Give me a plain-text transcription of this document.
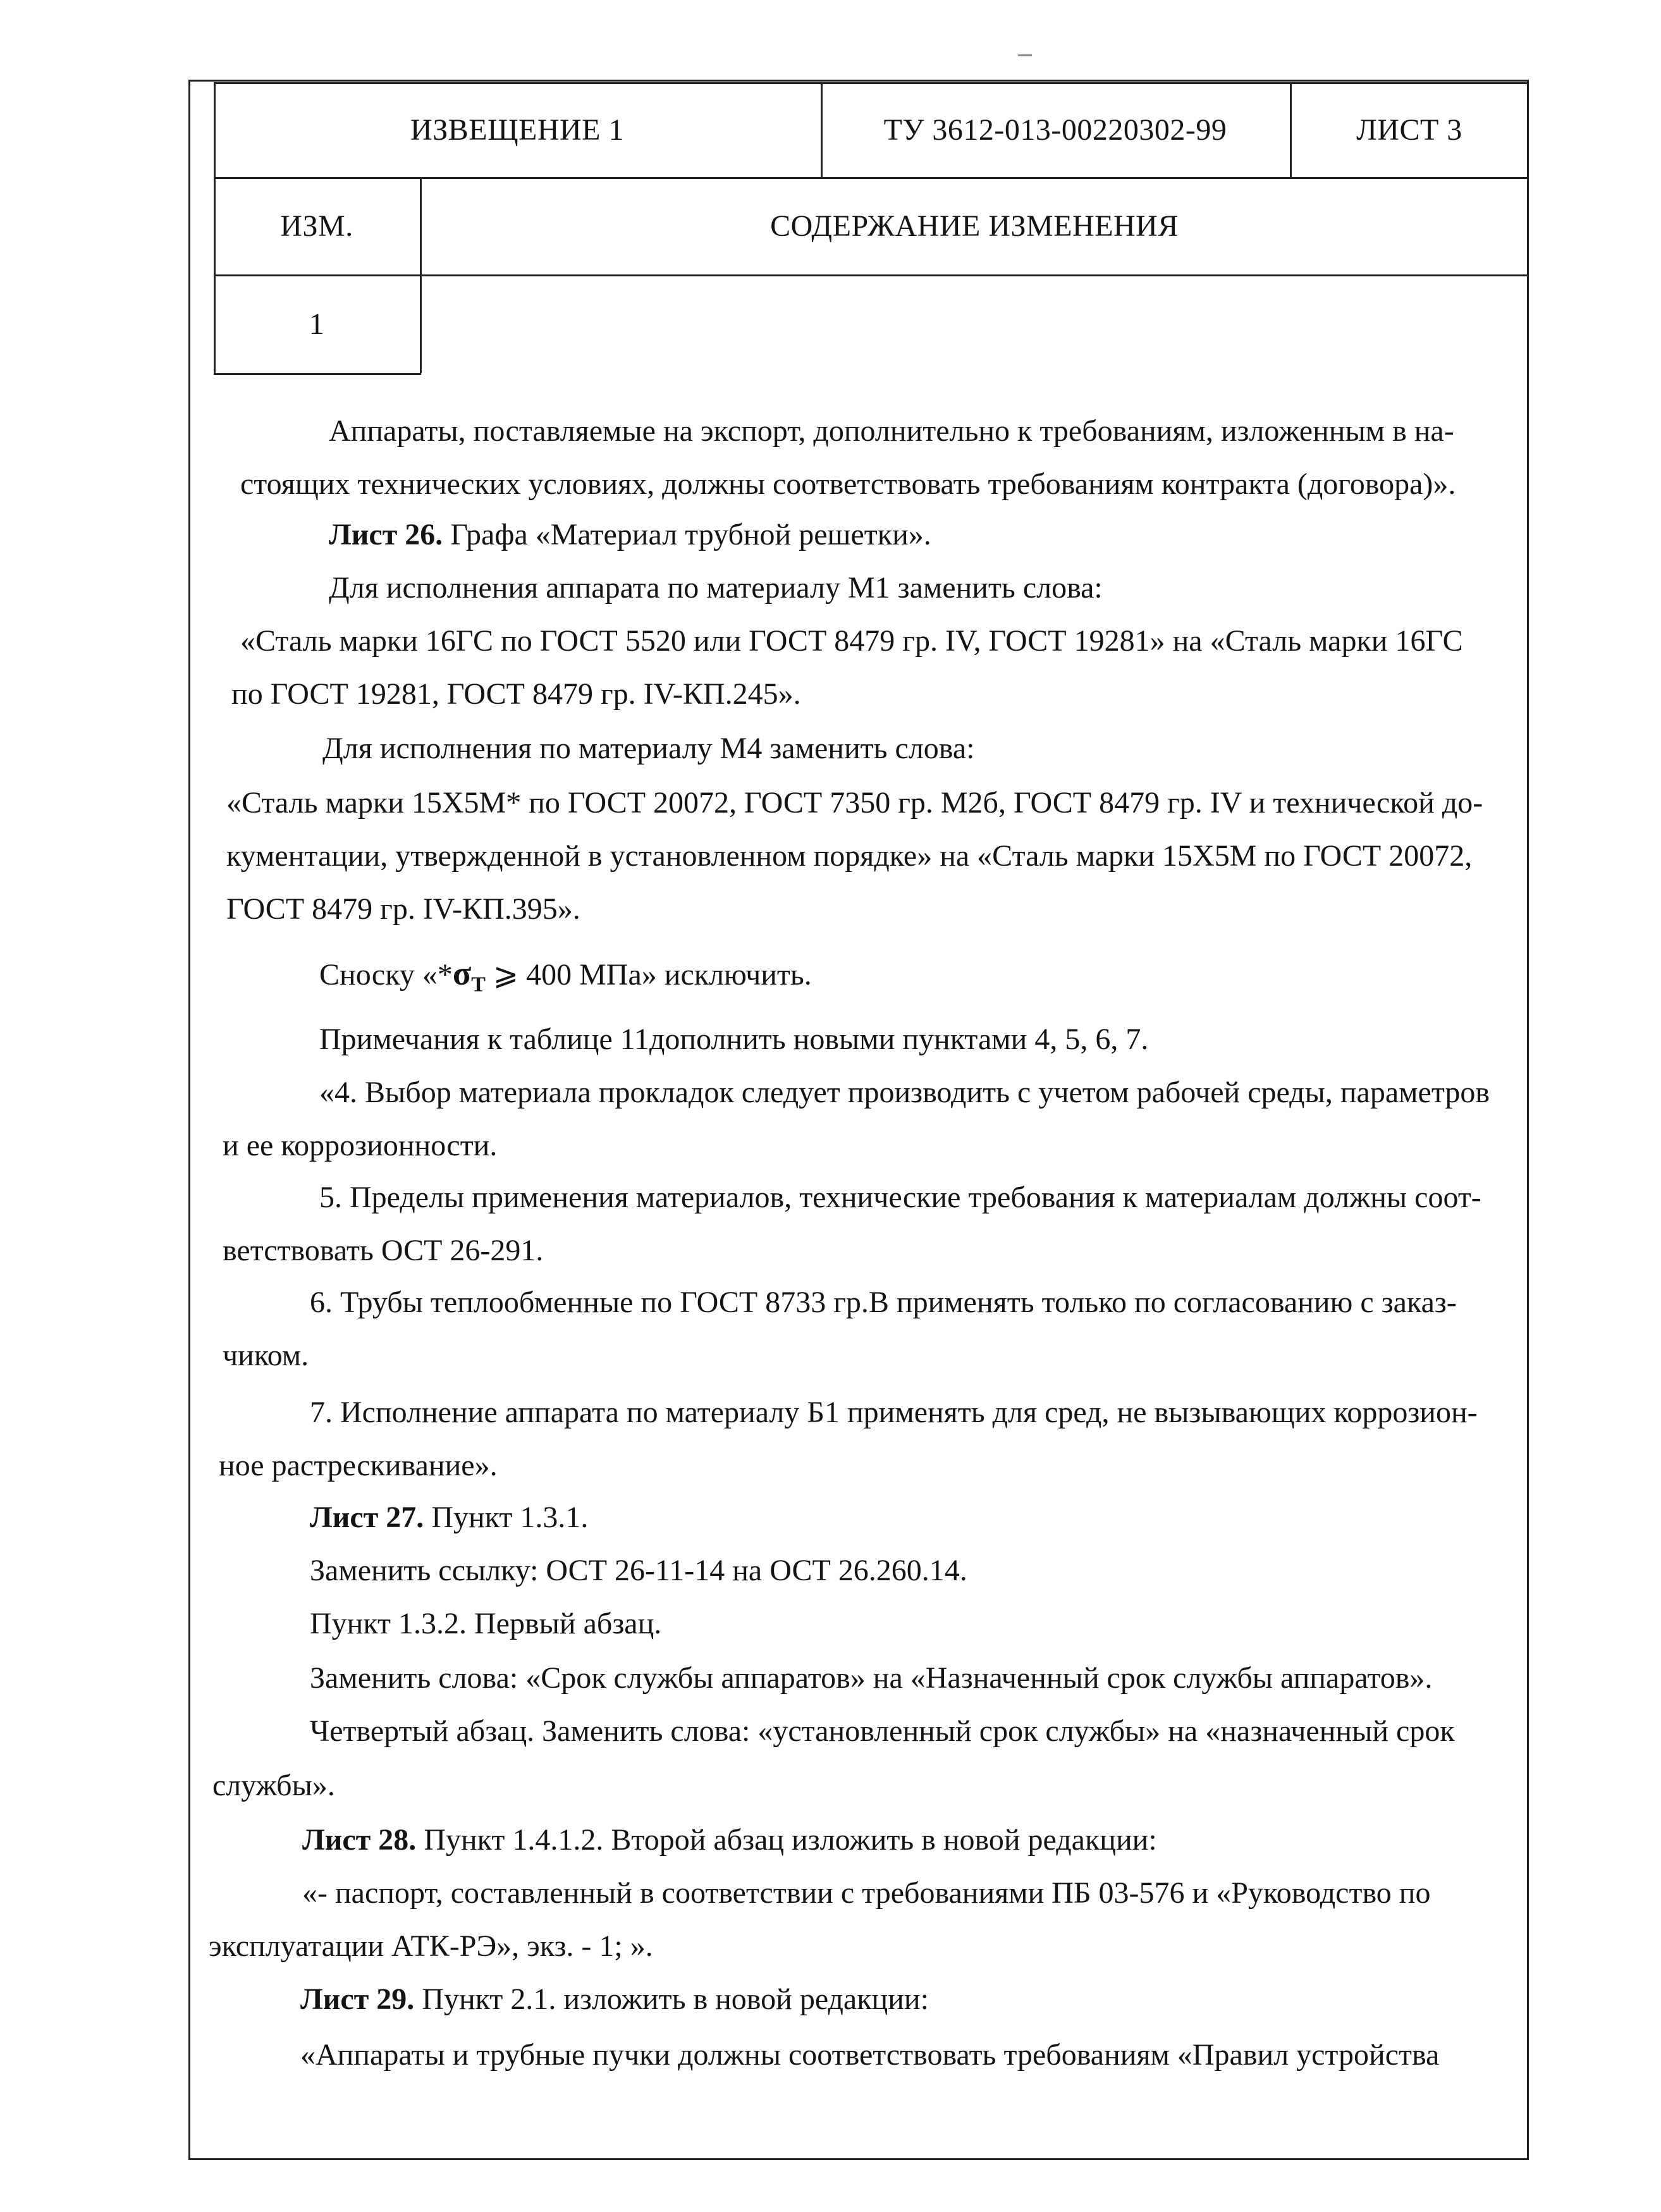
ИЗВЕЩЕНИЕ 1	ТУ 3612-013-00220302-99	ЛИСТ 3
ИЗМ.	СОДЕРЖАНИЕ ИЗМЕНЕНИЯ
1
Аппараты, поставляемые на экспорт, дополнительно к требованиям, изложенным в на-
стоящих технических условиях, должны соответствовать требованиям контракта (договора)».
Лист 26. Графа «Материал трубной решетки».
Для исполнения аппарата по материалу М1 заменить слова:
«Сталь марки 16ГС по ГОСТ 5520 или ГОСТ 8479 гр. IV, ГОСТ 19281» на «Сталь марки 16ГС
по ГОСТ 19281, ГОСТ 8479 гр. IV-КП.245».
Для исполнения по материалу М4 заменить слова:
«Сталь марки 15Х5М* по ГОСТ 20072, ГОСТ 7350 гр. М2б, ГОСТ 8479 гр. IV и технической до-
кументации, утвержденной в установленном порядке» на «Сталь марки 15Х5М по ГОСТ 20072,
ГОСТ 8479 гр. IV-КП.395».
Сноску «$*\sigma_T$ ⩾ 400 МПа» исключить.
Примечания к таблице 11дополнить новыми пунктами 4, 5, 6, 7.
«4. Выбор материала прокладок следует производить с учетом рабочей среды, параметров
и ее коррозионности.
5. Пределы применения материалов, технические требования к материалам должны соот-
ветствовать ОСТ 26-291.
6. Трубы теплообменные по ГОСТ 8733 гр.В применять только по согласованию с заказ-
чиком.
7. Исполнение аппарата по материалу Б1 применять для сред, не вызывающих коррозион-
ное растрескивание».
Лист 27. Пункт 1.3.1.
Заменить ссылку: ОСТ 26-11-14 на ОСТ 26.260.14.
Пункт 1.3.2. Первый абзац.
Заменить слова: «Срок службы аппаратов» на «Назначенный срок службы аппаратов».
Четвертый абзац. Заменить слова: «установленный срок службы» на «назначенный срок
службы».
Лист 28. Пункт 1.4.1.2. Второй абзац изложить в новой редакции:
«- паспорт, составленный в соответствии с требованиями ПБ 03-576 и «Руководство по
эксплуатации АТК-РЭ», экз. - 1; ».
Лист 29. Пункт 2.1. изложить в новой редакции:
«Аппараты и трубные пучки должны соответствовать требованиям «Правил устройства
